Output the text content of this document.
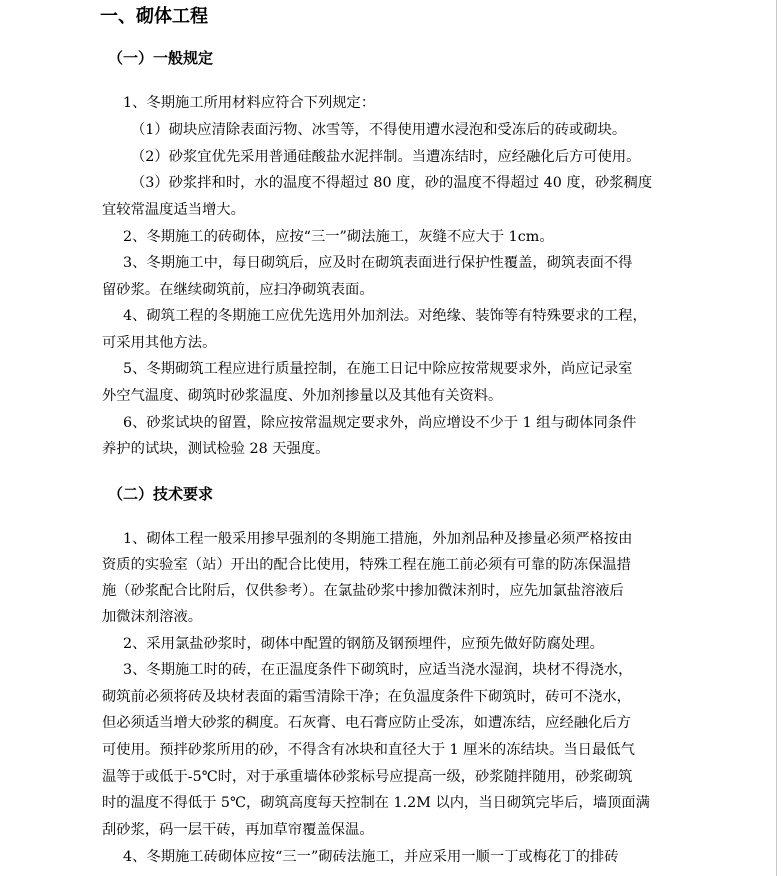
一、砌体工程
（一）一般规定
1、冬期施工所用材料应符合下列规定：
（1）砌块应清除表面污物、冰雪等，不得使用遭水浸泡和受冻后的砖或砌块。
（2）砂浆宜优先采用普通硅酸盐水泥拌制。当遭冻结时，应经融化后方可使用。
（3）砂浆拌和时，水的温度不得超过 80 度，砂的温度不得超过 40 度，砂浆稠度
宜较常温度适当增大。
2、冬期施工的砖砌体，应按“三一”砌法施工，灰缝不应大于 1cm。
3、冬期施工中，每日砌筑后，应及时在砌筑表面进行保护性覆盖，砌筑表面不得
留砂浆。在继续砌筑前，应扫净砌筑表面。
4、砌筑工程的冬期施工应优先选用外加剂法。对绝缘、装饰等有特殊要求的工程，
可采用其他方法。
5、冬期砌筑工程应进行质量控制，在施工日记中除应按常规要求外，尚应记录室
外空气温度、砌筑时砂浆温度、外加剂掺量以及其他有关资料。
6、砂浆试块的留置，除应按常温规定要求外，尚应增设不少于 1 组与砌体同条件
养护的试块，测试检验 28 天强度。
（二）技术要求
1、砌体工程一般采用掺早强剂的冬期施工措施，外加剂品种及掺量必须严格按由
资质的实验室（站）开出的配合比使用，特殊工程在施工前必须有可靠的防冻保温措
施（砂浆配合比附后，仅供参考）。在氯盐砂浆中掺加微沫剂时，应先加氯盐溶液后
加微沫剂溶液。
2、采用氯盐砂浆时，砌体中配置的钢筋及钢预埋件，应预先做好防腐处理。
3、冬期施工时的砖，在正温度条件下砌筑时，应适当浇水湿润，块材不得浇水，
砌筑前必须将砖及块材表面的霜雪清除干净；在负温度条件下砌筑时，砖可不浇水，
但必须适当增大砂浆的稠度。石灰膏、电石膏应防止受冻，如遭冻结，应经融化后方
可使用。预拌砂浆所用的砂，不得含有冰块和直径大于 1 厘米的冻结块。当日最低气
温等于或低于-5℃时，对于承重墙体砂浆标号应提高一级，砂浆随拌随用，砂浆砌筑
时的温度不得低于 5℃，砌筑高度每天控制在 1.2M 以内，当日砌筑完毕后，墙顶面满
刮砂浆，码一层干砖，再加草帘覆盖保温。
4、冬期施工砖砌体应按“三一”砌砖法施工，并应采用一顺一丁或梅花丁的排砖
